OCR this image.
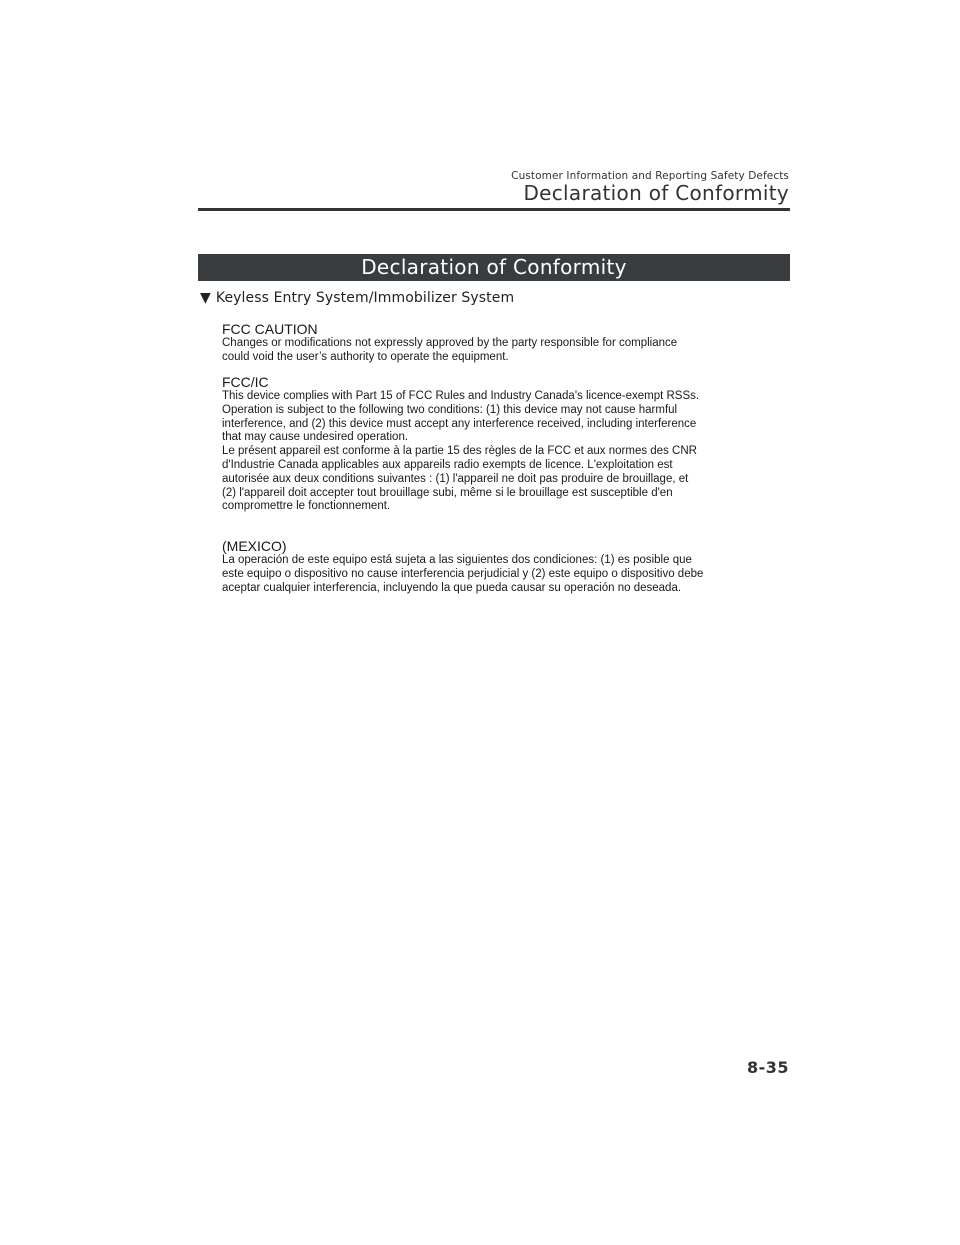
Customer Information and Reporting Safety Defects
Declaration of Conformity
Declaration of Conformity
▼ Keyless Entry System/Immobilizer System
FCC CAUTION
Changes or modifications not expressly approved by the party responsible for compliance
could void the user’s authority to operate the equipment.
FCC/IC
This device complies with Part 15 of FCC Rules and Industry Canada's licence-exempt RSSs.
Operation is subject to the following two conditions: (1) this device may not cause harmful
interference, and (2) this device must accept any interference received, including interference
that may cause undesired operation.
Le présent appareil est conforme à la partie 15 des règles de la FCC et aux normes des CNR
d'Industrie Canada applicables aux appareils radio exempts de licence. L'exploitation est
autorisée aux deux conditions suivantes : (1) l'appareil ne doit pas produire de brouillage, et
(2) l'appareil doit accepter tout brouillage subi, même si le brouillage est susceptible d'en
compromettre le fonctionnement.
(MEXICO)
La operación de este equipo está sujeta a las siguientes dos condiciones: (1) es posible que
este equipo o dispositivo no cause interferencia perjudicial y (2) este equipo o dispositivo debe
aceptar cualquier interferencia, incluyendo la que pueda causar su operación no deseada.
8-35
